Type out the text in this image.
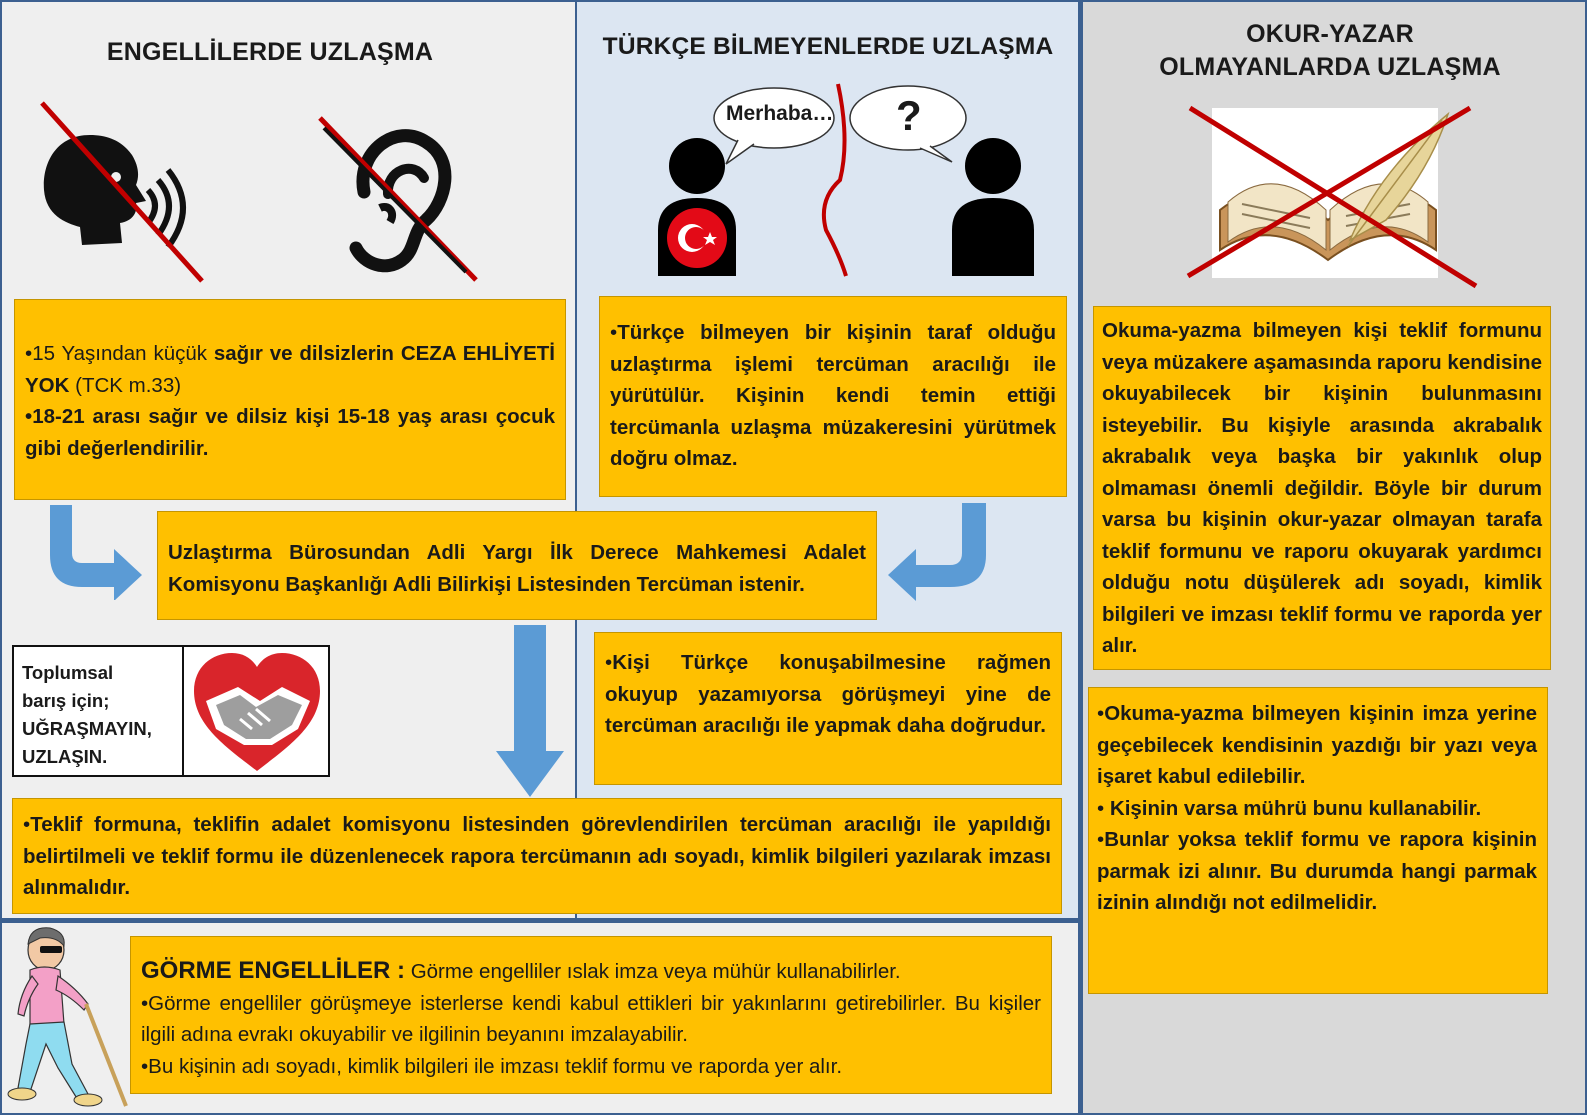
ENGELLİLERDE UZLAŞMA	TÜRKÇE BİLMEYENLERDE UZLAŞMA	OKUR-YAZAR
OLMAYANLARDA UZLAŞMA

•15 Yaşından küçük sağır ve dilsizlerin CEZA EHLİYETİ YOK (TCK m.33)

•18-21 arası sağır ve dilsiz kişi 15-18 yaş arası çocuk gibi değerlendirilir.

Merhaba… ?

•Türkçe bilmeyen bir kişinin taraf olduğu uzlaştırma işlemi tercüman aracılığı ile yürütülür. Kişinin kendi temin ettiği tercümanla uzlaşma müzakeresini yürütmek doğru olmaz.

Uzlaştırma Bürosundan Adli Yargı İlk Derece Mahkemesi Adalet Komisyonu Başkanlığı Adli Bilirkişi Listesinden Tercüman istenir.

Toplumsal
barış için;
UĞRAŞMAYIN,
UZLAŞIN.

•Kişi Türkçe konuşabilmesine rağmen okuyup yazamıyorsa görüşmeyi yine de tercüman aracılığı ile yapmak daha doğrudur.

•Teklif formuna, teklifin adalet komisyonu listesinden görevlendirilen tercüman aracılığı ile yapıldığı belirtilmeli ve teklif formu ile düzenlenecek rapora tercümanın adı soyadı, kimlik bilgileri yazılarak imzası alınmalıdır.

Okuma-yazma bilmeyen kişi teklif formunu veya müzakere aşamasında raporu kendisine okuyabilecek bir kişinin bulunmasını isteyebilir. Bu kişiyle arasında akrabalık akrabalık veya başka bir yakınlık olup olmaması önemli değildir. Böyle bir durum varsa bu kişinin okur-yazar olmayan tarafa teklif formunu ve raporu okuyarak yardımcı olduğu notu düşülerek adı soyadı, kimlik bilgileri ve imzası teklif formu ve raporda yer alır.

•Okuma-yazma bilmeyen kişinin imza yerine geçebilecek kendisinin yazdığı bir yazı veya işaret kabul edilebilir.

• Kişinin varsa mührü bunu kullanabilir.

•Bunlar yoksa teklif formu ve rapora kişinin parmak izi alınır. Bu durumda hangi parmak izinin alındığı not edilmelidir.

GÖRME ENGELLİLER : Görme engelliler ıslak imza veya mühür kullanabilirler.

•Görme engelliler görüşmeye isterlerse kendi kabul ettikleri bir yakınlarını getirebilirler. Bu kişiler ilgili adına evrakı okuyabilir ve ilgilinin beyanını imzalayabilir.

•Bu kişinin adı soyadı, kimlik bilgileri ile imzası teklif formu ve raporda yer alır.
